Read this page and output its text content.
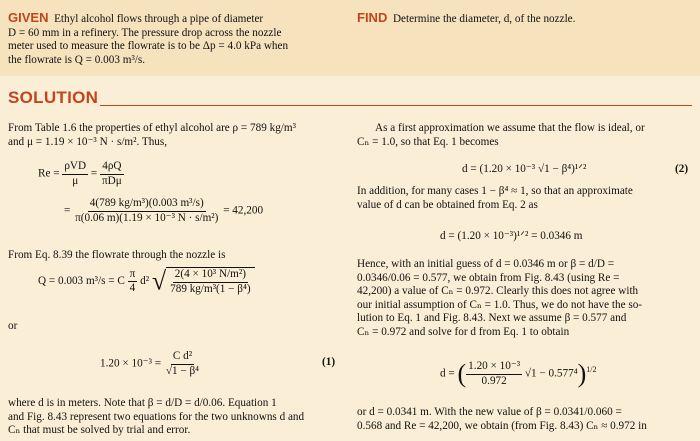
GIVEN Ethyl alcohol flows through a pipe of diameter
D = 60 mm in a refinery. The pressure drop across the nozzle
meter used to measure the flowrate is to be Δp = 4.0 kPa when
the flowrate is Q = 0.003 m³/s.
FIND Determine the diameter, d, of the nozzle.
SOLUTION
From Table 1.6 the properties of ethyl alcohol are ρ = 789 kg/m³
and μ = 1.19 × 10⁻³ N · s/m². Thus,
$Re = \frac{\text{ρVD}}{\mu} = \frac{4\rho Q}{\text{πDμ}}$
= $\frac{\text{4(789 kg/m³)(0.003 m³/s)}}{\text{π(0.06 m)(1.19 × 10⁻³ N · s/m²)}} = 42,200$
From Eq. 8.39 the flowrate through the nozzle is
Q = 0.003 m³/s = C $\frac{\pi}{4} d^2$ √ $\frac{\text{2(4 × 10³ N/m²)}}{\text{789 kg/m³(1 − β⁴)}}$
or
$1.20 \times 10^{-3} = \frac{\text{C d²}}{\text{√1 − β⁴}}$	(1)
where d is in meters. Note that β = d/D = d/0.06. Equation 1
and Fig. 8.43 represent two equations for the two unknowns d and
Cₙ that must be solved by trial and error.
As a first approximation we assume that the flow is ideal, or
Cₙ = 1.0, so that Eq. 1 becomes
d = (1.20 × 10⁻³ √1 − β⁴)¹ᐟ²	(2)
In addition, for many cases 1 − β⁴ ≈ 1, so that an approximate
value of d can be obtained from Eq. 2 as
d = (1.20 × 10⁻³)¹ᐟ² = 0.0346 m
Hence, with an initial guess of d = 0.0346 m or β = d/D =
0.0346/0.06 = 0.577, we obtain from Fig. 8.43 (using Re =
42,200) a value of Cₙ = 0.972. Clearly this does not agree with
our initial assumption of Cₙ = 1.0. Thus, we do not have the so-
lution to Eq. 1 and Fig. 8.43. Next we assume β = 0.577 and
Cₙ = 0.972 and solve for d from Eq. 1 to obtain
d = ( $\frac{\text{1.20 × 10⁻³}}{0.972} √1 - 0.577^4)^{1/2}$
or d = 0.0341 m. With the new value of β = 0.0341/0.060 =
0.568 and Re = 42,200, we obtain (from Fig. 8.43) Cₙ ≈ 0.972 in
